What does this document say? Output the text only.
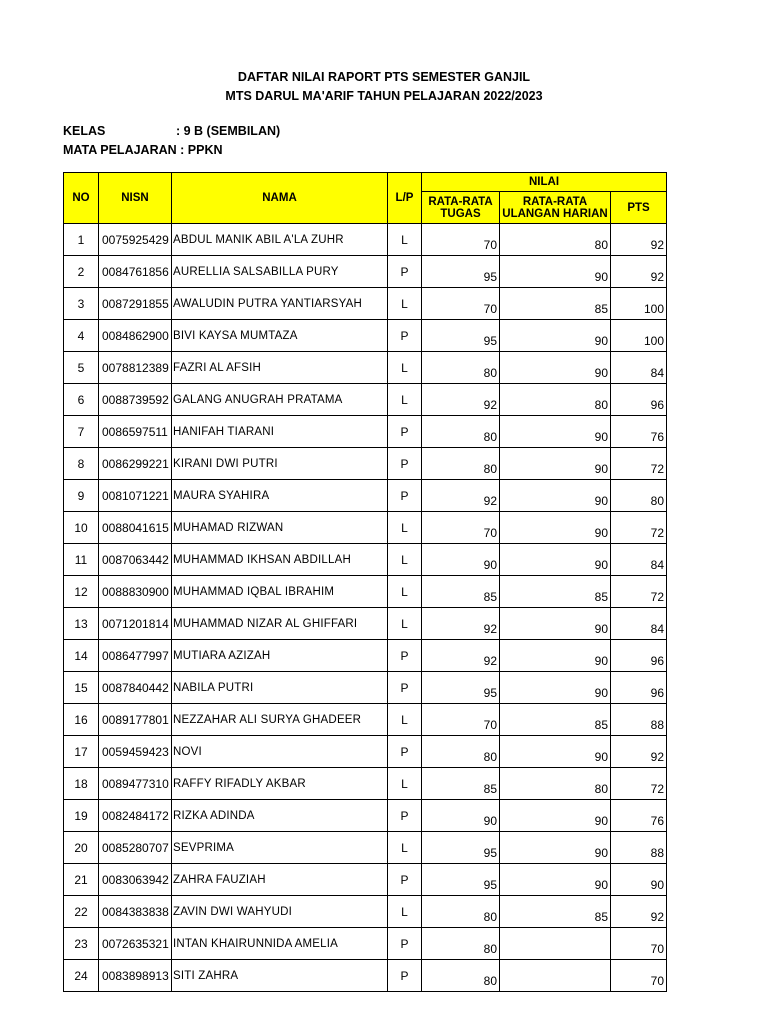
DAFTAR NILAI RAPORT PTS SEMESTER GANJIL
MTS DARUL MA'ARIF TAHUN PELAJARAN 2022/2023
KELAS	: 9 B (SEMBILAN)
MATA PELAJARAN : PPKN
NO	NISN	NAMA	L/P	NILAI		
				RATA-RATA TUGAS	RATA-RATA ULANGAN HARIAN	PTS
1	0075925429	ABDUL MANIK ABIL A'LA ZUHR	L	70	80	92
2	0084761856	AURELLIA SALSABILLA PURY	P	95	90	92
3	0087291855	AWALUDIN PUTRA YANTIARSYAH	L	70	85	100
4	0084862900	BIVI KAYSA MUMTAZA	P	95	90	100
5	0078812389	FAZRI AL AFSIH	L	80	90	84
6	0088739592	GALANG ANUGRAH PRATAMA	L	92	80	96
7	0086597511	HANIFAH TIARANI	P	80	90	76
8	0086299221	KIRANI DWI PUTRI	P	80	90	72
9	0081071221	MAURA SYAHIRA	P	92	90	80
10	0088041615	MUHAMAD RIZWAN	L	70	90	72
11	0087063442	MUHAMMAD IKHSAN ABDILLAH	L	90	90	84
12	0088830900	MUHAMMAD IQBAL IBRAHIM	L	85	85	72
13	0071201814	MUHAMMAD NIZAR AL GHIFFARI	L	92	90	84
14	0086477997	MUTIARA AZIZAH	P	92	90	96
15	0087840442	NABILA PUTRI	P	95	90	96
16	0089177801	NEZZAHAR ALI SURYA GHADEER	L	70	85	88
17	0059459423	NOVI	P	80	90	92
18	0089477310	RAFFY RIFADLY AKBAR	L	85	80	72
19	0082484172	RIZKA ADINDA	P	90	90	76
20	0085280707	SEVPRIMA	L	95	90	88
21	0083063942	ZAHRA FAUZIAH	P	95	90	90
22	0084383838	ZAVIN DWI WAHYUDI	L	80	85	92
23	0072635321	INTAN KHAIRUNNIDA AMELIA	P	80		70
24	0083898913	SITI ZAHRA	P	80		70
